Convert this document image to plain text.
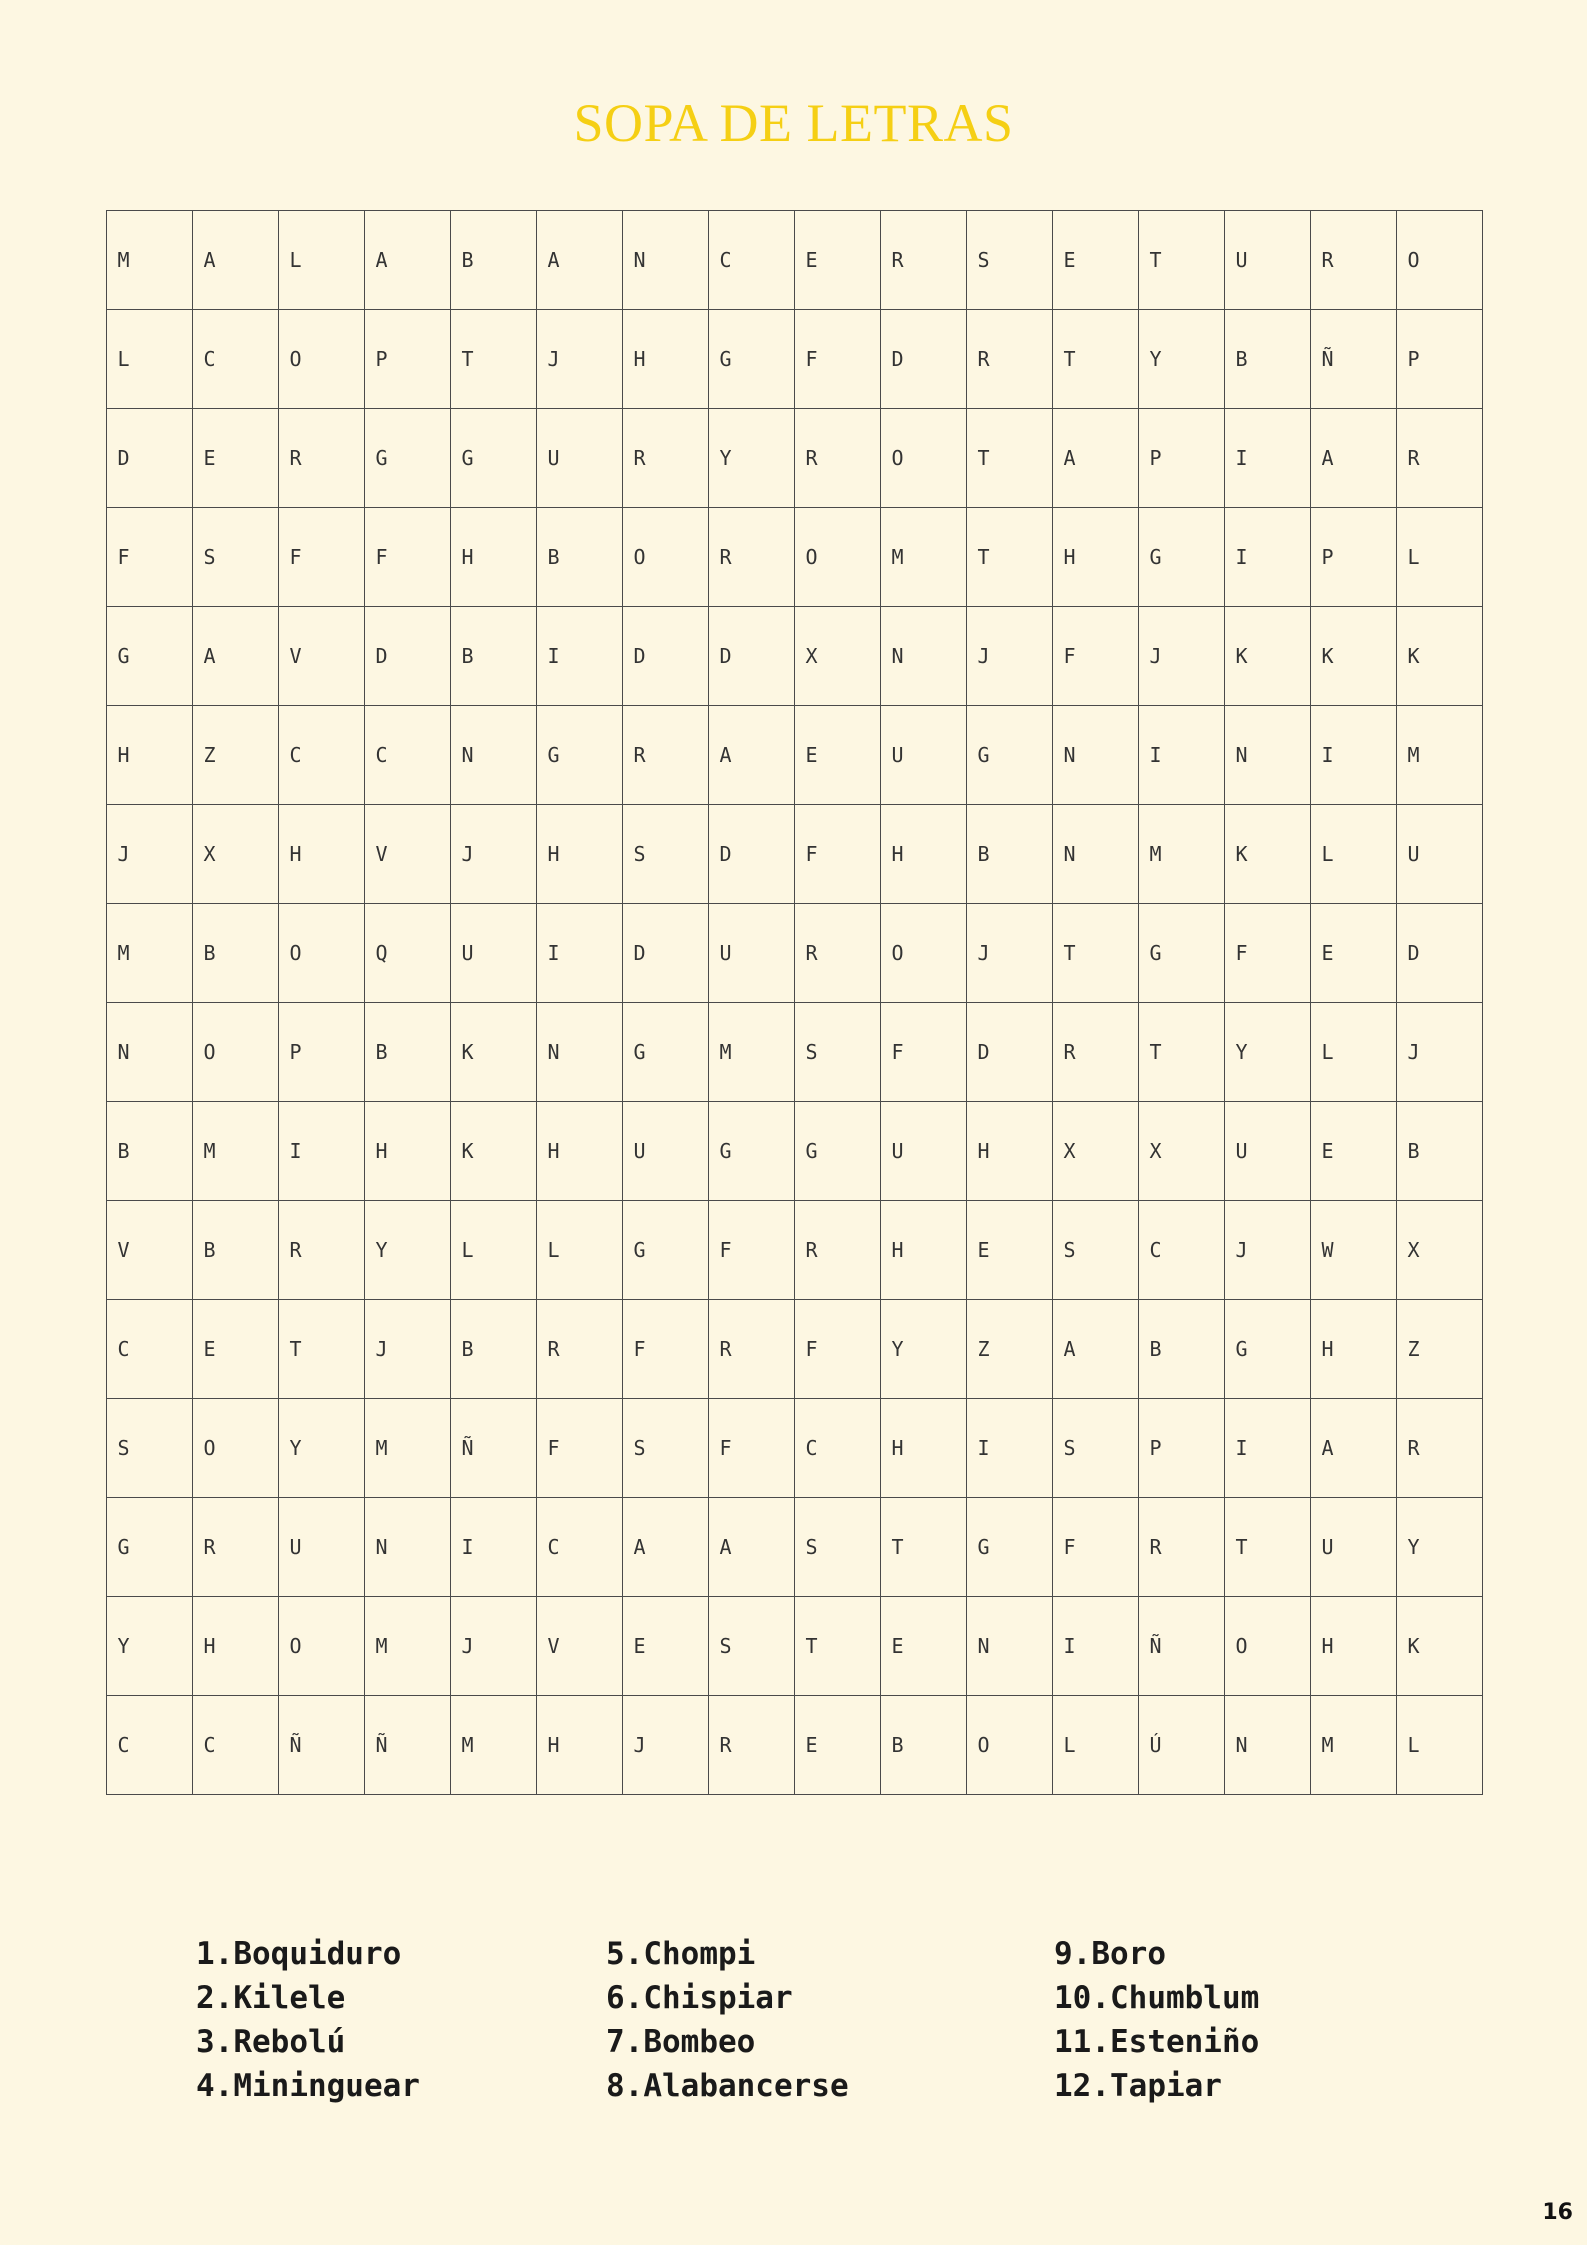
SOPA DE LETRAS
M	A	L	A	B	A	N	C	E	R	S	E	T	U	R	O
L	C	O	P	T	J	H	G	F	D	R	T	Y	B	Ñ	P
D	E	R	G	G	U	R	Y	R	O	T	A	P	I	A	R
F	S	F	F	H	B	O	R	O	M	T	H	G	I	P	L
G	A	V	D	B	I	D	D	X	N	J	F	J	K	K	K
H	Z	C	C	N	G	R	A	E	U	G	N	I	N	I	M
J	X	H	V	J	H	S	D	F	H	B	N	M	K	L	U
M	B	O	Q	U	I	D	U	R	O	J	T	G	F	E	D
N	O	P	B	K	N	G	M	S	F	D	R	T	Y	L	J
B	M	I	H	K	H	U	G	G	U	H	X	X	U	E	B
V	B	R	Y	L	L	G	F	R	H	E	S	C	J	W	X
C	E	T	J	B	R	F	R	F	Y	Z	A	B	G	H	Z
S	O	Y	M	Ñ	F	S	F	C	H	I	S	P	I	A	R
G	R	U	N	I	C	A	A	S	T	G	F	R	T	U	Y
Y	H	O	M	J	V	E	S	T	E	N	I	Ñ	O	H	K
C	C	Ñ	Ñ	M	H	J	R	E	B	O	L	Ú	N	M	L
1.Boquiduro
2.Kilele
3.Rebolú
4.Mininguear
5.Chompi
6.Chispiar
7.Bombeo
8.Alabancerse
9.Boro
10.Chumblum
11.Esteniño
12.Tapiar
16
